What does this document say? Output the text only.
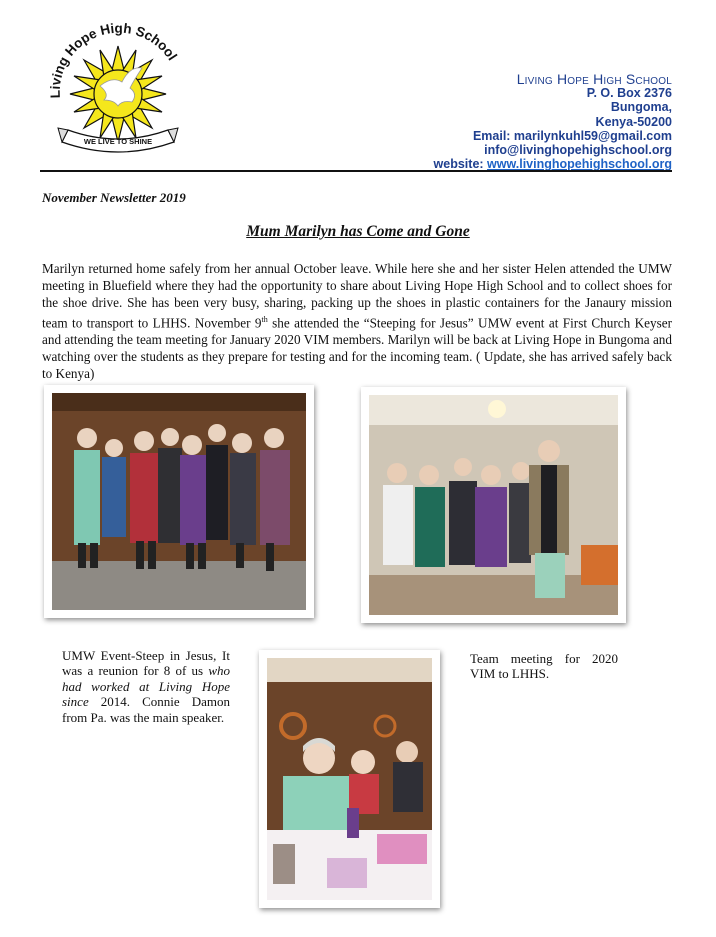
Living Hope High School
WE LIVE TO SHINE
Living Hope High School
P. O. Box 2376
Bungoma,
Kenya-50200
Email: marilynkuhl59@gmail.com
info@livinghopehighschool.org
website: www.livinghopehighschool.org
November Newsletter 2019
Mum Marilyn has Come and Gone
Marilyn returned home safely from her annual October leave. While here she and her sister Helen attended the UMW meeting in Bluefield where they had the opportunity to share about Living Hope High School and to collect shoes for the shoe drive. She has been very busy, sharing, packing up the shoes in plastic containers for the Janaury mission team to transport to LHHS. November 9th she attended the “Steeping for Jesus” UMW event at First Church Keyser and attending the team meeting for January 2020 VIM members. Marilyn will be back at Living Hope in Bungoma and watching over the students as they prepare for testing and for the incoming team. ( Update, she has arrived safely back to Kenya)
UMW Event-Steep in Jesus, It was a reunion for 8 of us who had worked at Living Hope since 2014. Connie Damon from Pa. was the main speaker.
Team meeting for 2020 VIM to LHHS.
